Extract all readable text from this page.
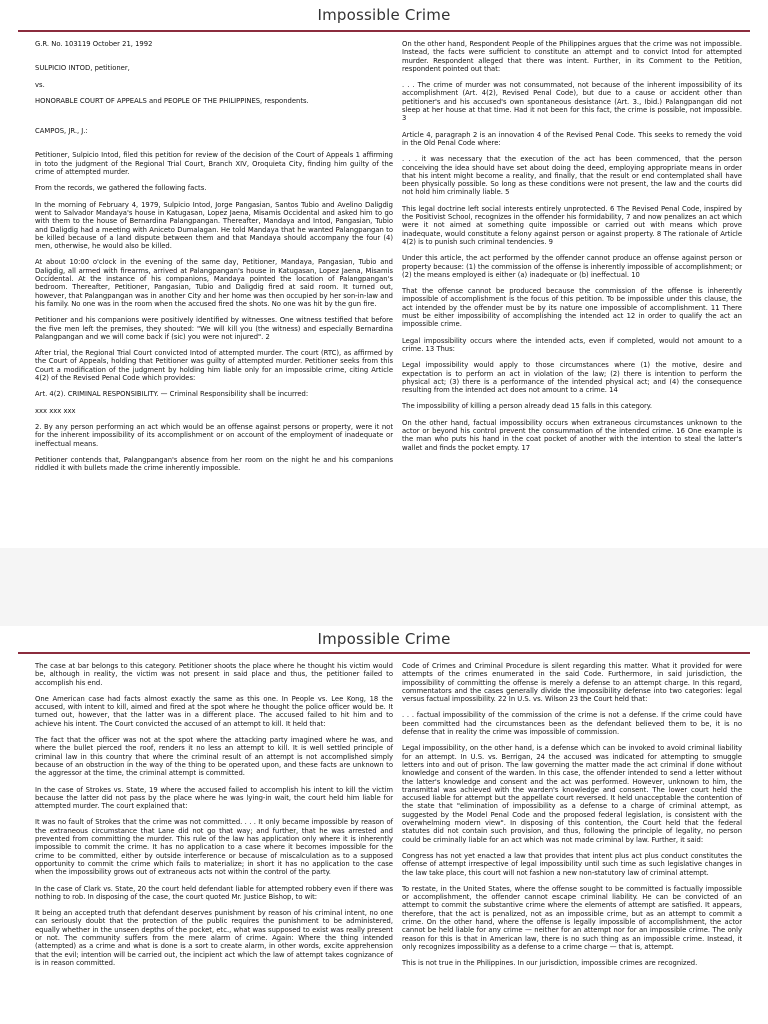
Impossible Crime

G.R. No. 103119 October 21, 1992

SULPICIO INTOD, petitioner,

vs.

HONORABLE COURT OF APPEALS and PEOPLE OF THE PHILIPPINES, respondents.

CAMPOS, JR., J.:

Petitioner, Sulpicio Intod, filed this petition for review of the decision of the Court of Appeals 1 affirming in toto the judgment of the Regional Trial Court, Branch XIV, Oroquieta City, finding him guilty of the crime of attempted murder.

From the records, we gathered the following facts.

In the morning of February 4, 1979, Sulpicio Intod, Jorge Pangasian, Santos Tubio and Avelino Daligdig went to Salvador Mandaya's house in Katugasan, Lopez Jaena, Misamis Occidental and asked him to go with them to the house of Bernardina Palangpangan. Thereafter, Mandaya and Intod, Pangasian, Tubio and Daligdig had a meeting with Aniceto Dumalagan. He told Mandaya that he wanted Palangpangan to be killed because of a land dispute between them and that Mandaya should accompany the four (4) men, otherwise, he would also be killed.

At about 10:00 o'clock in the evening of the same day, Petitioner, Mandaya, Pangasian, Tubio and Daligdig, all armed with firearms, arrived at Palangpangan's house in Katugasan, Lopez Jaena, Misamis Occidental. At the instance of his companions, Mandaya pointed the location of Palangpangan's bedroom. Thereafter, Petitioner, Pangasian, Tubio and Daligdig fired at said room. It turned out, however, that Palangpangan was in another City and her home was then occupied by her son-in-law and his family. No one was in the room when the accused fired the shots. No one was hit by the gun fire.

Petitioner and his companions were positively identified by witnesses. One witness testified that before the five men left the premises, they shouted: "We will kill you (the witness) and especially Bernardina Palangpangan and we will come back if (sic) you were not injured". 2

After trial, the Regional Trial Court convicted Intod of attempted murder. The court (RTC), as affirmed by the Court of Appeals, holding that Petitioner was guilty of attempted murder. Petitioner seeks from this Court a modification of the judgment by holding him liable only for an impossible crime, citing Article 4(2) of the Revised Penal Code which provides:

Art. 4(2). CRIMINAL RESPONSIBILITY. — Criminal Responsibility shall be incurred:

xxx xxx xxx

2. By any person performing an act which would be an offense against persons or property, were it not for the inherent impossibility of its accomplishment or on account of the employment of inadequate or ineffectual means.

Petitioner contends that, Palangpangan's absence from her room on the night he and his companions riddled it with bullets made the crime inherently impossible.

On the other hand, Respondent People of the Philippines argues that the crime was not impossible. Instead, the facts were sufficient to constitute an attempt and to convict Intod for attempted murder. Respondent alleged that there was intent. Further, in its Comment to the Petition, respondent pointed out that:

. . . The crime of murder was not consummated, not because of the inherent impossibility of its accomplishment (Art. 4(2), Revised Penal Code), but due to a cause or accident other than petitioner's and his accused's own spontaneous desistance (Art. 3., Ibid.) Palangpangan did not sleep at her house at that time. Had it not been for this fact, the crime is possible, not impossible. 3

Article 4, paragraph 2 is an innovation 4 of the Revised Penal Code. This seeks to remedy the void in the Old Penal Code where:

. . . it was necessary that the execution of the act has been commenced, that the person conceiving the idea should have set about doing the deed, employing appropriate means in order that his intent might become a reality, and finally, that the result or end contemplated shall have been physically possible. So long as these conditions were not present, the law and the courts did not hold him criminally liable. 5

This legal doctrine left social interests entirely unprotected. 6 The Revised Penal Code, inspired by the Positivist School, recognizes in the offender his formidability, 7 and now penalizes an act which were it not aimed at something quite impossible or carried out with means which prove inadequate, would constitute a felony against person or against property. 8 The rationale of Article 4(2) is to punish such criminal tendencies. 9

Under this article, the act performed by the offender cannot produce an offense against person or property because: (1) the commission of the offense is inherently impossible of accomplishment; or (2) the means employed is either (a) inadequate or (b) ineffectual. 10

That the offense cannot be produced because the commission of the offense is inherently impossible of accomplishment is the focus of this petition. To be impossible under this clause, the act intended by the offender must be by its nature one impossible of accomplishment. 11 There must be either impossibility of accomplishing the intended act 12 in order to qualify the act an impossible crime.

Legal impossibility occurs where the intended acts, even if completed, would not amount to a crime. 13 Thus:

Legal impossibility would apply to those circumstances where (1) the motive, desire and expectation is to perform an act in violation of the law; (2) there is intention to perform the physical act; (3) there is a performance of the intended physical act; and (4) the consequence resulting from the intended act does not amount to a crime. 14

The impossibility of killing a person already dead 15 falls in this category.

On the other hand, factual impossibility occurs when extraneous circumstances unknown to the actor or beyond his control prevent the consummation of the intended crime. 16 One example is the man who puts his hand in the coat pocket of another with the intention to steal the latter's wallet and finds the pocket empty. 17

Impossible Crime

The case at bar belongs to this category. Petitioner shoots the place where he thought his victim would be, although in reality, the victim was not present in said place and thus, the petitioner failed to accomplish his end.

One American case had facts almost exactly the same as this one. In People vs. Lee Kong, 18 the accused, with intent to kill, aimed and fired at the spot where he thought the police officer would be. It turned out, however, that the latter was in a different place. The accused failed to hit him and to achieve his intent. The Court convicted the accused of an attempt to kill. It held that:

The fact that the officer was not at the spot where the attacking party imagined where he was, and where the bullet pierced the roof, renders it no less an attempt to kill. It is well settled principle of criminal law in this country that where the criminal result of an attempt is not accomplished simply because of an obstruction in the way of the thing to be operated upon, and these facts are unknown to the aggressor at the time, the criminal attempt is committed.

In the case of Strokes vs. State, 19 where the accused failed to accomplish his intent to kill the victim because the latter did not pass by the place where he was lying-in wait, the court held him liable for attempted murder. The court explained that:

It was no fault of Strokes that the crime was not committed. . . . It only became impossible by reason of the extraneous circumstance that Lane did not go that way; and further, that he was arrested and prevented from committing the murder. This rule of the law has application only where it is inherently impossible to commit the crime. It has no application to a case where it becomes impossible for the crime to be committed, either by outside interference or because of miscalculation as to a supposed opportunity to commit the crime which fails to materialize; in short it has no application to the case when the impossibility grows out of extraneous acts not within the control of the party.

In the case of Clark vs. State, 20 the court held defendant liable for attempted robbery even if there was nothing to rob. In disposing of the case, the court quoted Mr. Justice Bishop, to wit:

It being an accepted truth that defendant deserves punishment by reason of his criminal intent, no one can seriously doubt that the protection of the public requires the punishment to be administered, equally whether in the unseen depths of the pocket, etc., what was supposed to exist was really present or not. The community suffers from the mere alarm of crime. Again: Where the thing intended (attempted) as a crime and what is done is a sort to create alarm, in other words, excite apprehension that the evil; intention will be carried out, the incipient act which the law of attempt takes cognizance of is in reason committed.

Code of Crimes and Criminal Procedure is silent regarding this matter. What it provided for were attempts of the crimes enumerated in the said Code. Furthermore, in said jurisdiction, the impossibility of committing the offense is merely a defense to an attempt charge. In this regard, commentators and the cases generally divide the impossibility defense into two categories: legal versus factual impossibility. 22 In U.S. vs. Wilson 23 the Court held that:

. . . factual impossibility of the commission of the crime is not a defense. If the crime could have been committed had the circumstances been as the defendant believed them to be, it is no defense that in reality the crime was impossible of commission.

Legal impossibility, on the other hand, is a defense which can be invoked to avoid criminal liability for an attempt. In U.S. vs. Berrigan, 24 the accused was indicated for attempting to smuggle letters into and out of prison. The law governing the matter made the act criminal if done without knowledge and consent of the warden. In this case, the offender intended to send a letter without the latter's knowledge and consent and the act was performed. However, unknown to him, the transmittal was achieved with the warden's knowledge and consent. The lower court held the accused liable for attempt but the appellate court reversed. It held unacceptable the contention of the state that "elimination of impossibility as a defense to a charge of criminal attempt, as suggested by the Model Penal Code and the proposed federal legislation, is consistent with the overwhelming modern view". In disposing of this contention, the Court held that the federal statutes did not contain such provision, and thus, following the principle of legality, no person could be criminally liable for an act which was not made criminal by law. Further, it said:

Congress has not yet enacted a law that provides that intent plus act plus conduct constitutes the offense of attempt irrespective of legal impossibility until such time as such legislative changes in the law take place, this court will not fashion a new non-statutory law of criminal attempt.

To restate, in the United States, where the offense sought to be committed is factually impossible or accomplishment, the offender cannot escape criminal liability. He can be convicted of an attempt to commit the substantive crime where the elements of attempt are satisfied. It appears, therefore, that the act is penalized, not as an impossible crime, but as an attempt to commit a crime. On the other hand, where the offense is legally impossible of accomplishment, the actor cannot be held liable for any crime — neither for an attempt nor for an impossible crime. The only reason for this is that in American law, there is no such thing as an impossible crime. Instead, it only recognizes impossibility as a defense to a crime charge — that is, attempt.

This is not true in the Philippines. In our jurisdiction, impossible crimes are recognized.
